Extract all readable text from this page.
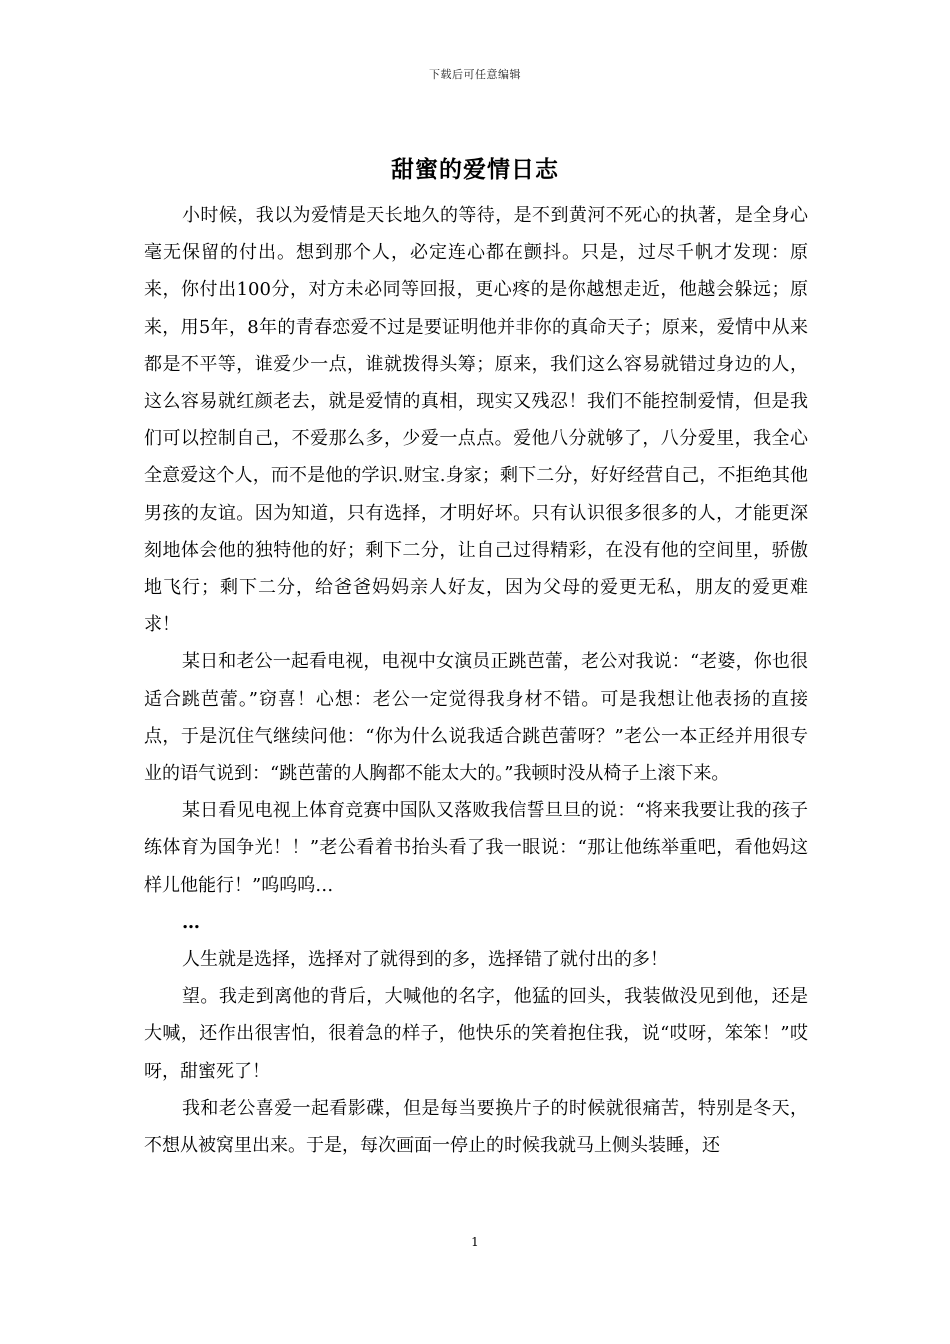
下载后可任意编辑
甜蜜的爱情日志

小时候，我以为爱情是天长地久的等待，是不到黄河不死心的执著，是全身心毫无保留的付出。想到那个人，必定连心都在颤抖。只是，过尽千帆才发现：原来，你付出100分，对方未必同等回报，更心疼的是你越想走近，他越会躲远；原来，用5年，8年的青春恋爱不过是要证明他并非你的真命天子；原来，爱情中从来都是不平等，谁爱少一点，谁就拨得头筹；原来，我们这么容易就错过身边的人，这么容易就红颜老去，就是爱情的真相，现实又残忍！我们不能控制爱情，但是我们可以控制自己，不爱那么多，少爱一点点。爱他八分就够了，八分爱里，我全心全意爱这个人，而不是他的学识.财宝.身家；剩下二分，好好经营自己，不拒绝其他男孩的友谊。因为知道，只有选择，才明好坏。只有认识很多很多的人，才能更深刻地体会他的独特他的好；剩下二分，让自己过得精彩，在没有他的空间里，骄傲地飞行；剩下二分，给爸爸妈妈亲人好友，因为父母的爱更无私，朋友的爱更难求！

某日和老公一起看电视，电视中女演员正跳芭蕾，老公对我说：“老婆，你也很适合跳芭蕾。”窃喜！心想：老公一定觉得我身材不错。可是我想让他表扬的直接点，于是沉住气继续问他：“你为什么说我适合跳芭蕾呀？”老公一本正经并用很专业的语气说到：“跳芭蕾的人胸都不能太大的。”我顿时没从椅子上滚下来。

某日看见电视上体育竞赛中国队又落败我信誓旦旦的说：“将来我要让我的孩子练体育为国争光！！”老公看着书抬头看了我一眼说：“那让他练举重吧，看他妈这样儿他能行！”呜呜呜…

…

人生就是选择，选择对了就得到的多，选择错了就付出的多！

望。我走到离他的背后，大喊他的名字，他猛的回头，我装做没见到他，还是大喊，还作出很害怕，很着急的样子，他快乐的笑着抱住我，说“哎呀，笨笨！”哎呀，甜蜜死了！

我和老公喜爱一起看影碟，但是每当要换片子的时候就很痛苦，特别是冬天，不想从被窝里出来。于是，每次画面一停止的时候我就马上侧头装睡，还

1
